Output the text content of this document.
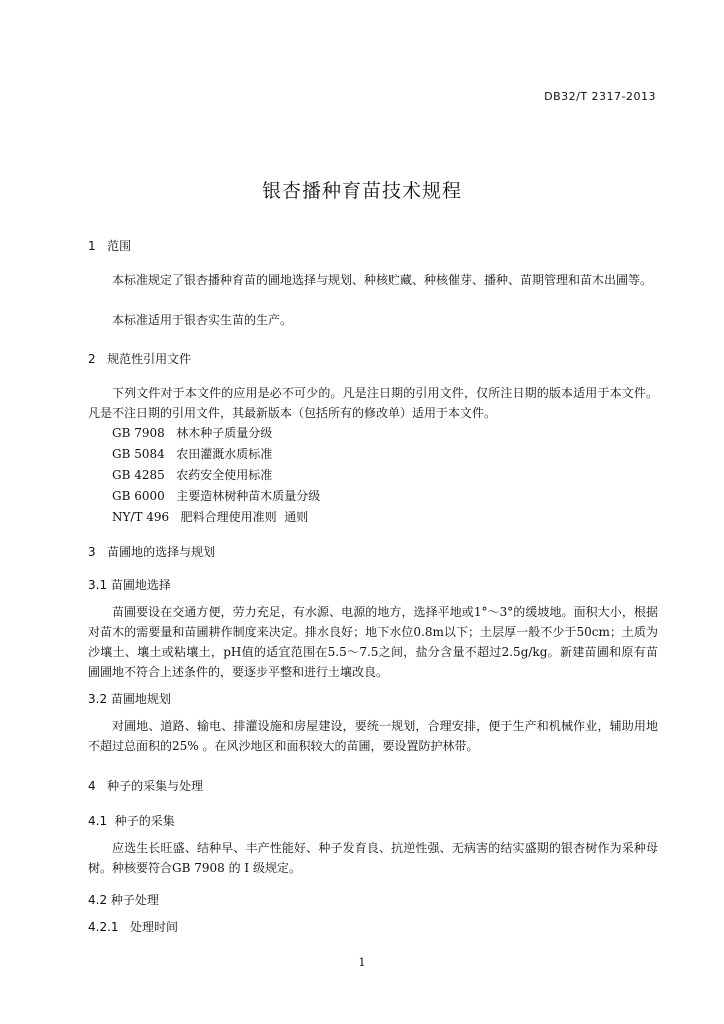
DB32/T 2317-2013
银杏播种育苗技术规程
1   范围

本标准规定了银杏播种育苗的圃地选择与规划、种核贮藏、种核催芽、播种、苗期管理和苗木出圃等。

本标准适用于银杏实生苗的生产。

2   规范性引用文件

下列文件对于本文件的应用是必不可少的。凡是注日期的引用文件，仅所注日期的版本适用于本文件。凡是不注日期的引用文件，其最新版本（包括所有的修改单）适用于本文件。

GB 7908   林木种子质量分级
GB 5084   农田灌溉水质标准
GB 4285   农药安全使用标准
GB 6000   主要造林树种苗木质量分级
NY/T 496   肥料合理使用准则  通则
3   苗圃地的选择与规划
3.1 苗圃地选择

苗圃要设在交通方便，劳力充足，有水源、电源的地方，选择平地或1°～3°的缓坡地。面积大小，根据对苗木的需要量和苗圃耕作制度来决定。排水良好；地下水位0.8m以下；土层厚一般不少于50cm；土质为沙壤土、壤土或粘壤土，pH值的适宜范围在5.5～7.5之间，盐分含量不超过2.5g/kg。新建苗圃和原有苗圃圃地不符合上述条件的，要逐步平整和进行土壤改良。

3.2 苗圃地规划

对圃地、道路、输电、排灌设施和房屋建设，要统一规划，合理安排，便于生产和机械作业，辅助用地不超过总面积的25% 。在风沙地区和面积较大的苗圃，要设置防护林带。

4   种子的采集与处理
4.1  种子的采集

应选生长旺盛、结种早、丰产性能好、种子发育良、抗逆性强、无病害的结实盛期的银杏树作为采种母树。种核要符合GB 7908 的 I 级规定。

4.2 种子处理
4.2.1   处理时间
1
